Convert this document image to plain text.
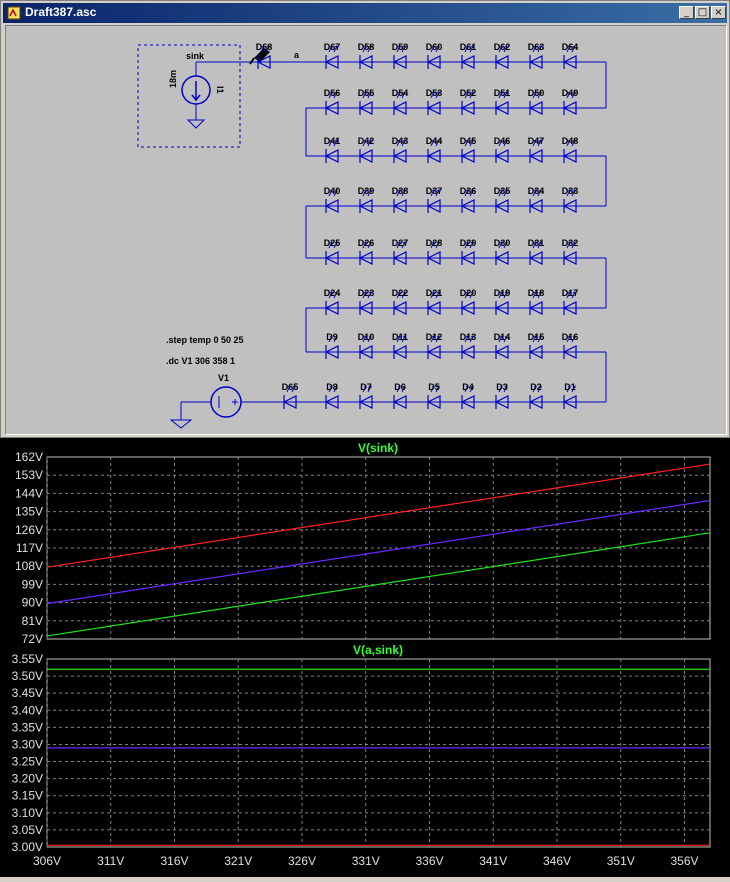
Draft387.asc	_ □ ×
sink
18m
I1
a
.step temp 0 50 25
.dc V1 306 358 1
V1
D68	D67 D58 D59 D60 D61 D62 D63 D64
D56 D55 D54 D53 D52 D51 D50 D49
D41 D42 D43 D44 D45 D46 D47 D48
D40 D39 D38 D37 D36 D35 D34 D33
D25 D26 D27 D28 D29 D30 D31 D32
D24 D23 D22 D21 D20 D19 D18 D17
D9 D10 D11 D12 D13 D14 D15 D16
D65	D8 D7 D6 D5 D4 D3 D2 D1
V(sink)
162V
153V
144V
135V
126V
117V
108V
99V
90V
81V
72V
V(a,sink)
3.55V
3.50V
3.45V
3.40V
3.35V
3.30V
3.25V
3.20V
3.15V
3.10V
3.05V
3.00V
306V	311V	316V	321V	326V	331V	336V	341V	346V	351V	356V
